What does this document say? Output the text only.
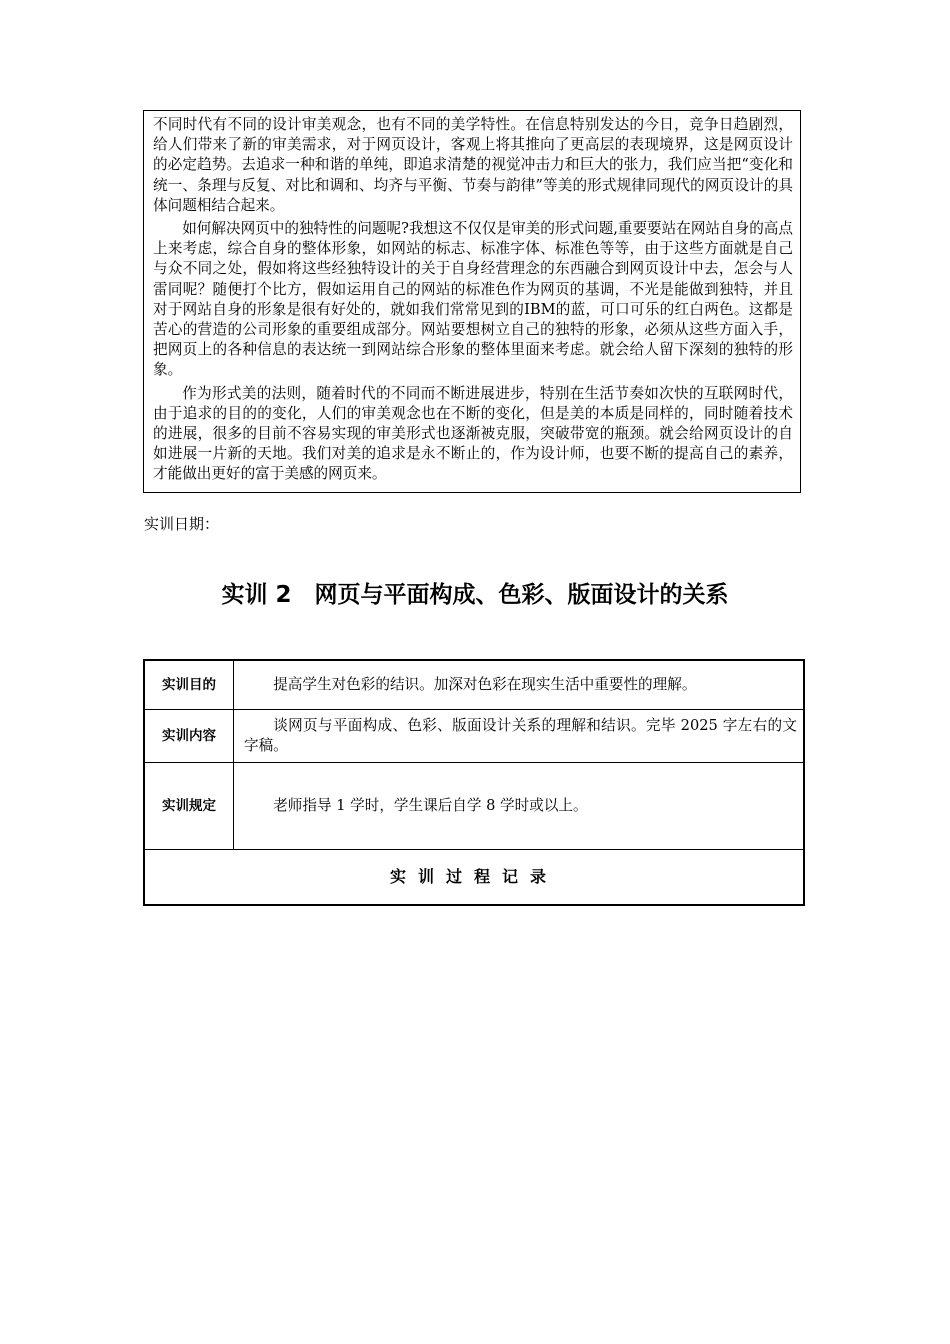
不同时代有不同的设计审美观念，也有不同的美学特性。在信息特别发达的今日，竞争日趋剧烈，给人们带来了新的审美需求，对于网页设计，客观上将其推向了更高层的表现境界，这是网页设计的必定趋势。去追求一种和谐的单纯，即追求清楚的视觉冲击力和巨大的张力，我们应当把“变化和统一、条理与反复、对比和调和、均齐与平衡、节奏与韵律”等美的形式规律同现代的网页设计的具体问题相结合起来。

如何解决网页中的独特性的问题呢?我想这不仅仅是审美的形式问题,重要要站在网站自身的高点上来考虑，综合自身的整体形象，如网站的标志、标准字体、标准色等等，由于这些方面就是自己与众不同之处，假如将这些经独特设计的关于自身经营理念的东西融合到网页设计中去，怎会与人雷同呢？随便打个比方，假如运用自己的网站的标准色作为网页的基调，不光是能做到独特，并且对于网站自身的形象是很有好处的，就如我们常常见到的IBM的蓝，可口可乐的红白两色。这都是苦心的营造的公司形象的重要组成部分。网站要想树立自己的独特的形象，必须从这些方面入手，把网页上的各种信息的表达统一到网站综合形象的整体里面来考虑。就会给人留下深刻的独特的形象。

作为形式美的法则，随着时代的不同而不断进展进步，特别在生活节奏如次快的互联网时代，由于追求的目的的变化，人们的审美观念也在不断的变化，但是美的本质是同样的，同时随着技术的进展，很多的目前不容易实现的审美形式也逐渐被克服，突破带宽的瓶颈。就会给网页设计的自如进展一片新的天地。我们对美的追求是永不断止的，作为设计师，也要不断的提高自己的素养，才能做出更好的富于美感的网页来。

实训日期：
实训 2　网页与平面构成、色彩、版面设计的关系
实训目的	提高学生对色彩的结识。加深对色彩在现实生活中重要性的理解。
实训内容	谈网页与平面构成、色彩、版面设计关系的理解和结识。完毕 2025 字左右的文字稿。
实训规定	老师指导 1 学时，学生课后自学 8 学时或以上。
实训过程记录	
